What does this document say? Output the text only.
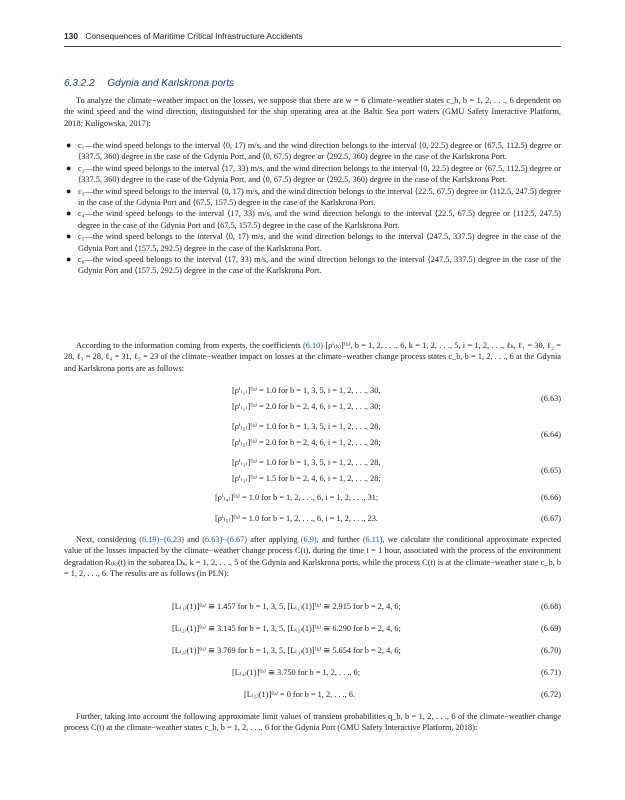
130 Consequences of Maritime Critical Infrastructure Accidents
6.3.2.2 Gdynia and Karlskrona ports

To analyze the climate−weather impact on the losses, we suppose that there are w = 6 climate−weather states c_b, b = 1, 2, . . ., 6 dependent on the wind speed and the wind direction, distinguished for the ship operating area at the Baltic Sea port waters (GMU Safety Interactive Platform, 2018; Kuligowska, 2017):

● c₁—the wind speed belongs to the interval ⟨0, 17) m/s, and the wind direction belongs to the interval ⟨0, 22.5) degree or ⟨67.5, 112.5) degree or ⟨337.5, 360) degree in the case of the Gdynia Port, and ⟨0, 67.5) degree or ⟨292.5, 360) degree in the case of the Karlskrona Port.
● c₂—the wind speed belongs to the interval ⟨17, 33) m/s, and the wind direction belongs to the interval ⟨0, 22.5) degree or ⟨67.5, 112.5) degree or ⟨337.5, 360) degree in the case of the Gdynia Port, and ⟨0, 67.5) degree or ⟨292.5, 360) degree in the case of the Karlskrona Port.
● c₃—the wind speed belongs to the interval ⟨0, 17) m/s, and the wind direction belongs to the interval ⟨22.5, 67.5) degree or ⟨112.5, 247.5) degree in the case of the Gdynia Port and ⟨67.5, 157.5) degree in the case of the Karlskrona Port.
● c₄—the wind speed belongs to the interval ⟨17, 33) m/s, and the wind direction belongs to the interval ⟨22.5, 67.5) degree or ⟨112.5, 247.5) degree in the case of the Gdynia Port and ⟨67.5, 157.5) degree in the case of the Karlskrona Port.
● c₅—the wind speed belongs to the interval ⟨0, 17) m/s, and the wind direction belongs to the interval ⟨247.5, 337.5) degree in the case of the Gdynia Port and ⟨157.5, 292.5) degree in the case of the Karlskrona Port.
● c₆—the wind speed belongs to the interval ⟨17, 33) m/s, and the wind direction belongs to the interval ⟨247.5, 337.5) degree in the case of the Gdynia Port and ⟨157.5, 292.5) degree in the case of the Karlskrona Port.

According to the information coming from experts, the coefficients (6.10) [ρⁱ₍ₖ₎]⁽ᵇ⁾, b = 1, 2, . . ., 6, k = 1, 2, . . ., 5, i = 1, 2, . . ., ℓₖ, ℓ₁ = 30, ℓ₂ = 28, ℓ₃ = 28, ℓ₄ = 31, ℓ₅ = 23 of the climate−weather impact on losses at the climate−weather change process states c_b, b = 1, 2, . . ., 6 at the Gdynia and Karlskrona ports are as follows:

[ρⁱ₍₁₎]⁽ᵇ⁾ = 1.0 for b = 1, 3, 5, i = 1, 2, . . ., 30,
[ρⁱ₍₁₎]⁽ᵇ⁾ = 2.0 for b = 2, 4, 6, i = 1, 2, . . ., 30;
(6.63)
[ρⁱ₍₂₎]⁽ᵇ⁾ = 1.0 for b = 1, 3, 5, i = 1, 2, . . ., 28,
[ρⁱ₍₂₎]⁽ᵇ⁾ = 2.0 for b = 2, 4, 6, i = 1, 2, . . ., 28;
(6.64)
[ρⁱ₍₃₎]⁽ᵇ⁾ = 1.0 for b = 1, 3, 5, i = 1, 2, . . ., 28,
[ρⁱ₍₃₎]⁽ᵇ⁾ = 1.5 for b = 2, 4, 6, i = 1, 2, . . ., 28;
(6.65)
[ρⁱ₍₄₎]⁽ᵇ⁾ = 1.0 for b = 1, 2, . . ., 6, i = 1, 2, . . ., 31;	(6.66)
[ρⁱ₍₅₎]⁽ᵇ⁾ = 1.0 for b = 1, 2, . . ., 6, i = 1, 2, . . ., 23.	(6.67)

Next, considering (6.19)−(6.23) and (6.63)−(6.67) after applying (6.9), and further (6.11), we calculate the conditional approximate expected value of the losses impacted by the climate−weather change process C(t), during the time t = 1 hour, associated with the process of the environment degradation R₍ₖ₎(t) in the subarea Dₖ, k = 1, 2, . . ., 5 of the Gdynia and Karlskrona ports, while the process C(t) is at the climate−weather state c_b, b = 1, 2, . . ., 6. The results are as follows (in PLN):

[L₍₁₎(1)]⁽ᵇ⁾ ≅ 1.457 for b = 1, 3, 5, [L₍₁₎(1)]⁽ᵇ⁾ ≅ 2.915 for b = 2, 4, 6;	(6.68)
[L₍₂₎(1)]⁽ᵇ⁾ ≅ 3.145 for b = 1, 3, 5, [L₍₂₎(1)]⁽ᵇ⁾ ≅ 6.290 for b = 2, 4, 6;	(6.69)
[L₍₃₎(1)]⁽ᵇ⁾ ≅ 3.769 for b = 1, 3, 5, [L₍₃₎(1)]⁽ᵇ⁾ ≅ 5.654 for b = 2, 4, 6;	(6.70)
[L₍₄₎(1)]⁽ᵇ⁾ ≅ 3.750 for b = 1, 2, . . ., 6;	(6.71)
[L₍₅₎(1)]⁽ᵇ⁾ = 0 for b = 1, 2, . . ., 6.	(6.72)

Further, taking into account the following approximate limit values of transient probabilities q_b, b = 1, 2, . . ., 6 of the climate−weather change process C(t) at the climate−weather states c_b, b = 1, 2, . . ., 6 for the Gdynia Port (GMU Safety Interactive Platform, 2018):
